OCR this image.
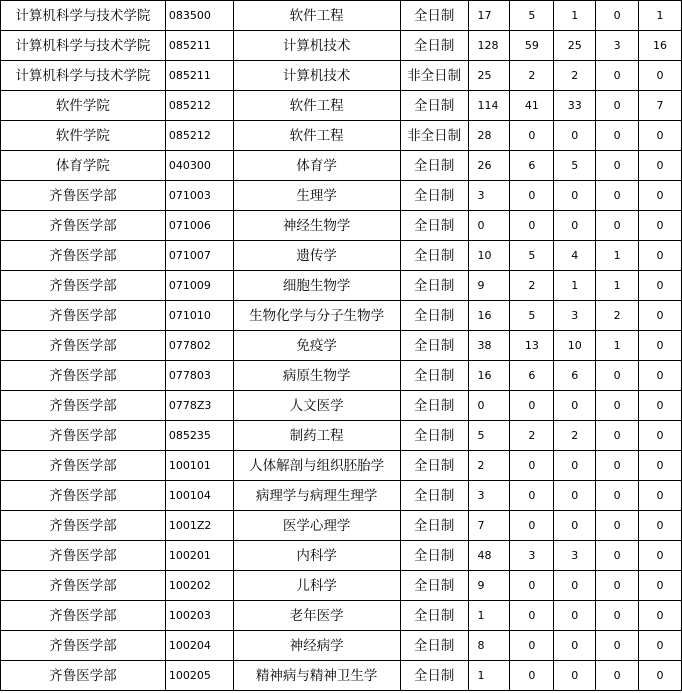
计算机科学与技术学院	083500	软件工程	全日制	17	5	1	0	1
计算机科学与技术学院	085211	计算机技术	全日制	128	59	25	3	16
计算机科学与技术学院	085211	计算机技术	非全日制	25	2	2	0	0
软件学院	085212	软件工程	全日制	114	41	33	0	7
软件学院	085212	软件工程	非全日制	28	0	0	0	0
体育学院	040300	体育学	全日制	26	6	5	0	0
齐鲁医学部	071003	生理学	全日制	3	0	0	0	0
齐鲁医学部	071006	神经生物学	全日制	0	0	0	0	0
齐鲁医学部	071007	遗传学	全日制	10	5	4	1	0
齐鲁医学部	071009	细胞生物学	全日制	9	2	1	1	0
齐鲁医学部	071010	生物化学与分子生物学	全日制	16	5	3	2	0
齐鲁医学部	077802	免疫学	全日制	38	13	10	1	0
齐鲁医学部	077803	病原生物学	全日制	16	6	6	0	0
齐鲁医学部	0778Z3	人文医学	全日制	0	0	0	0	0
齐鲁医学部	085235	制药工程	全日制	5	2	2	0	0
齐鲁医学部	100101	人体解剖与组织胚胎学	全日制	2	0	0	0	0
齐鲁医学部	100104	病理学与病理生理学	全日制	3	0	0	0	0
齐鲁医学部	1001Z2	医学心理学	全日制	7	0	0	0	0
齐鲁医学部	100201	内科学	全日制	48	3	3	0	0
齐鲁医学部	100202	儿科学	全日制	9	0	0	0	0
齐鲁医学部	100203	老年医学	全日制	1	0	0	0	0
齐鲁医学部	100204	神经病学	全日制	8	0	0	0	0
齐鲁医学部	100205	精神病与精神卫生学	全日制	1	0	0	0	0
